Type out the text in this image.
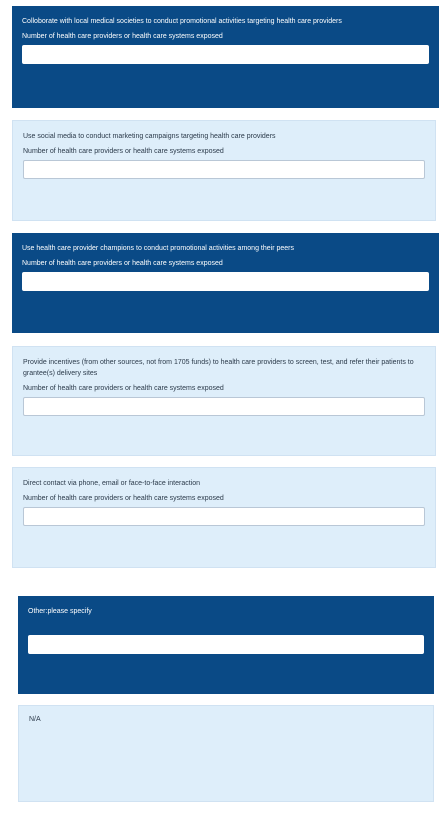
Colloborate with local medical societies to conduct promotional activities targeting health care providers

Number of health care providers or health care systems exposed

Use social media to conduct marketing campaigns targeting health care providers

Number of health care providers or health care systems exposed

Use health care provider champions to conduct promotional activities among their peers

Number of health care providers or health care systems exposed

Provide incentives (from other sources, not from 1705 funds) to health care providers to screen, test, and refer their patients to grantee(s) delivery sites

Number of health care providers or health care systems exposed

Direct contact via phone, email or face-to-face interaction

Number of health care providers or health care systems exposed

Other:please specify

N/A
